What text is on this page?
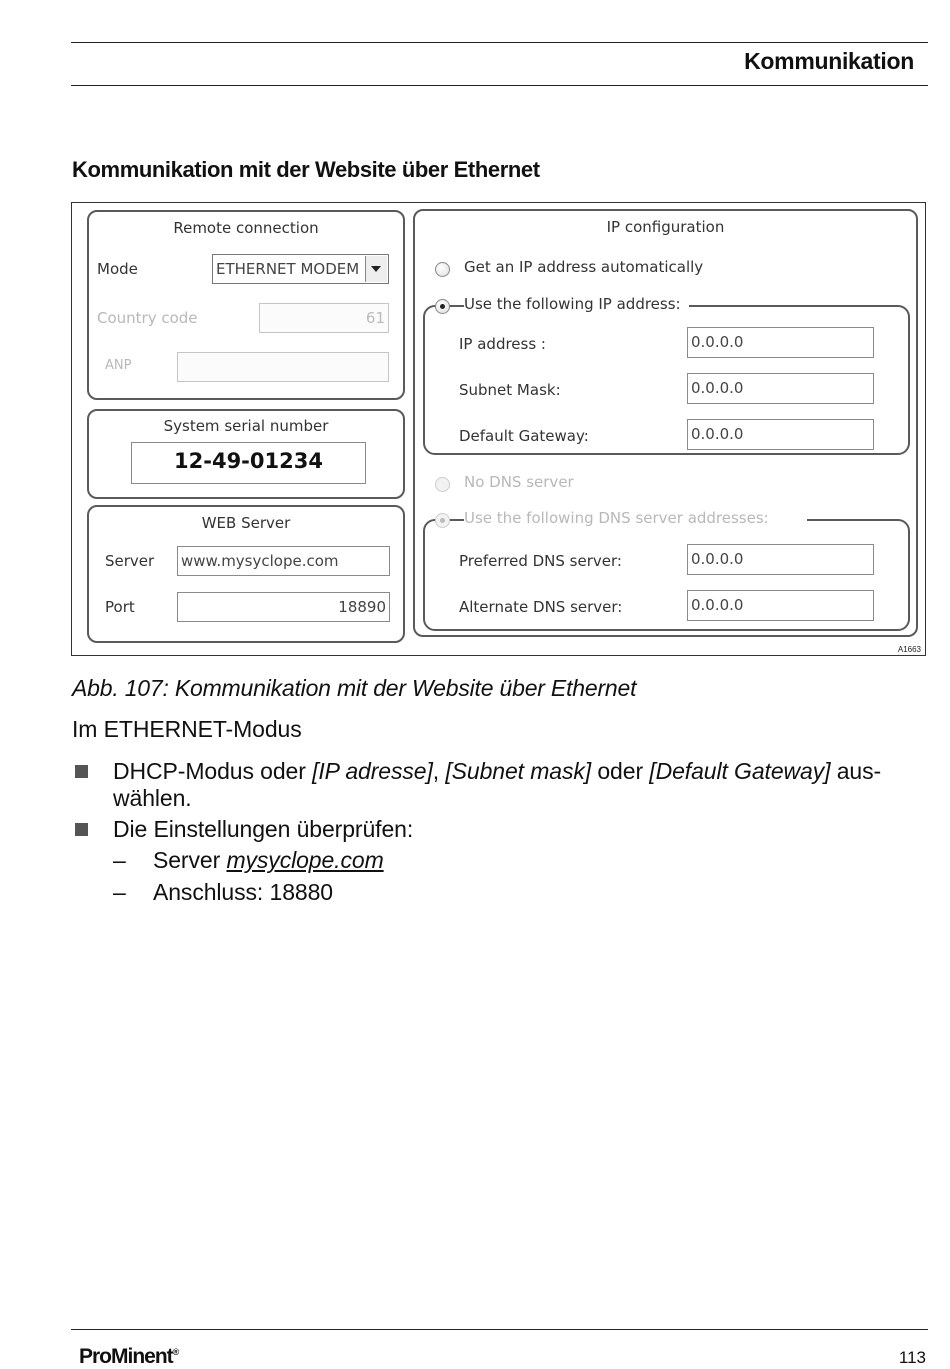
Kommunikation
Kommunikation mit der Website über Ethernet
Remote connection
Mode	ETHERNET MODEM
Country code	61
ANP
System serial number
12-49-01234
WEB Server
Server www.mysyclope.com
Port	18890
IP configuration
Get an IP address automatically
Use the following IP address:
IP address :	0.0.0.0
Subnet Mask:	0.0.0.0
Default Gateway:	0.0.0.0
No DNS server
Use the following DNS server addresses:
Preferred DNS server:	0.0.0.0
Alternate DNS server:	0.0.0.0
A1663
Abb. 107: Kommunikation mit der Website über Ethernet
Im ETHERNET-Modus
DHCP-Modus oder [IP adresse], [Subnet mask] oder [Default Gateway] aus-
wählen.
Die Einstellungen überprüfen:
– Server mysyclope.com
– Anschluss: 18880
ProMinent®	113
